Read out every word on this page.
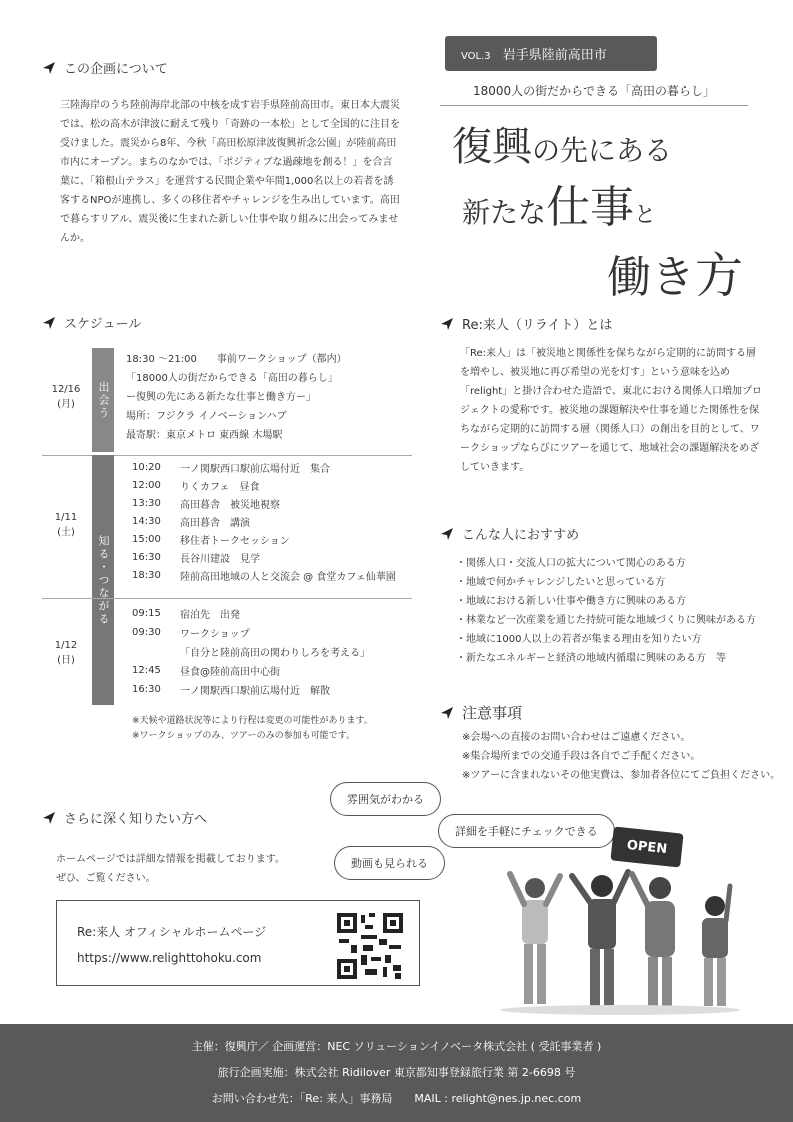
VOL.3 岩手県陸前高田市
18000人の街だからできる「高田の暮らし」
復興の先にある
新たな仕事と
働き方
この企画について
三陸海岸のうち陸前海岸北部の中核を成す岩手県陸前高田市。東日本大震災では、松の高木が津波に耐えて残り「奇跡の一本松」として全国的に注目を受けました。震災から8年、今秋「高田松原津波復興祈念公園」が陸前高田市内にオープン。まちのなかでは、「ポジティブな過疎地を創る！」を合言葉に、「箱根山テラス」を運営する民間企業や年間1,000名以上の若者を誘客するNPOが連携し、多くの移住者やチャレンジを生み出しています。高田で暮らすリアル、震災後に生まれた新しい仕事や取り組みに出会ってみませんか。
スケジュール
12/16
(月)	出会う
18:30 ～21:00　　事前ワークショップ（都内）
「18000人の街だからできる「高田の暮らし」
ー復興の先にある新たな仕事と働き方ー」
場所：フジクラ イノベーションハブ
最寄駅：東京メトロ 東西線 木場駅
知る・つながる
1/11
(土)
10:20	一ノ関駅西口駅前広場付近　集合
12:00	りくカフェ　昼食
13:30	高田暮舎　被災地視察
14:30	高田暮舎　講演
15:00	移住者トークセッション
16:30	長谷川建設　見学
18:30	陸前高田地域の人と交流会 @ 食堂カフェ仙華園
1/12
(日)
09:15	宿泊先　出発
09:30	ワークショップ
「自分と陸前高田の関わりしろを考える」
12:45	昼食@陸前高田中心街
16:30	一ノ関駅西口駅前広場付近　解散
※天候や道路状況等により行程は変更の可能性があります。
※ワークショップのみ、ツアーのみの参加も可能です。
Re:来人（リライト）とは
「Re:来人」は「被災地と関係性を保ちながら定期的に訪問する層を増やし、被災地に再び希望の光を灯す」という意味を込め「relight」と掛け合わせた造語で、東北における関係人口増加プロジェクトの愛称です。被災地の課題解決や仕事を通じた関係性を保ちながら定期的に訪問する層（関係人口）の創出を目的として、ワークショップならびにツアーを通じて、地域社会の課題解決をめざしていきます。
こんな人におすすめ
・関係人口・交流人口の拡大について関心のある方
・地域で何かチャレンジしたいと思っている方
・地域における新しい仕事や働き方に興味のある方
・林業など一次産業を通じた持続可能な地域づくりに興味がある方
・地域に1000人以上の若者が集まる理由を知りたい方
・新たなエネルギーと経済の地域内循環に興味のある方　等
注意事項
※会場への直接のお問い合わせはご遠慮ください。
※集合場所までの交通手段は各自でご手配ください。
※ツアーに含まれないその他実費は、参加者各位にてご負担ください。
さらに深く知りたい方へ
ホームページでは詳細な情報を掲載しております。
ぜひ、ご覧ください。
Re:来人 オフィシャルホームページ
https://www.relighttohoku.com
雰囲気がわかる
詳細を手軽にチェックできる
動画も見られる
OPEN
主催：復興庁／ 企画運営：NEC ソリューションイノベータ株式会社 ( 受託事業者 )
旅行企画実施：株式会社 Ridilover 東京都知事登録旅行業 第 2-6698 号
お問い合わせ先：「Re: 来人」事務局　　MAIL : relight@nes.jp.nec.com
